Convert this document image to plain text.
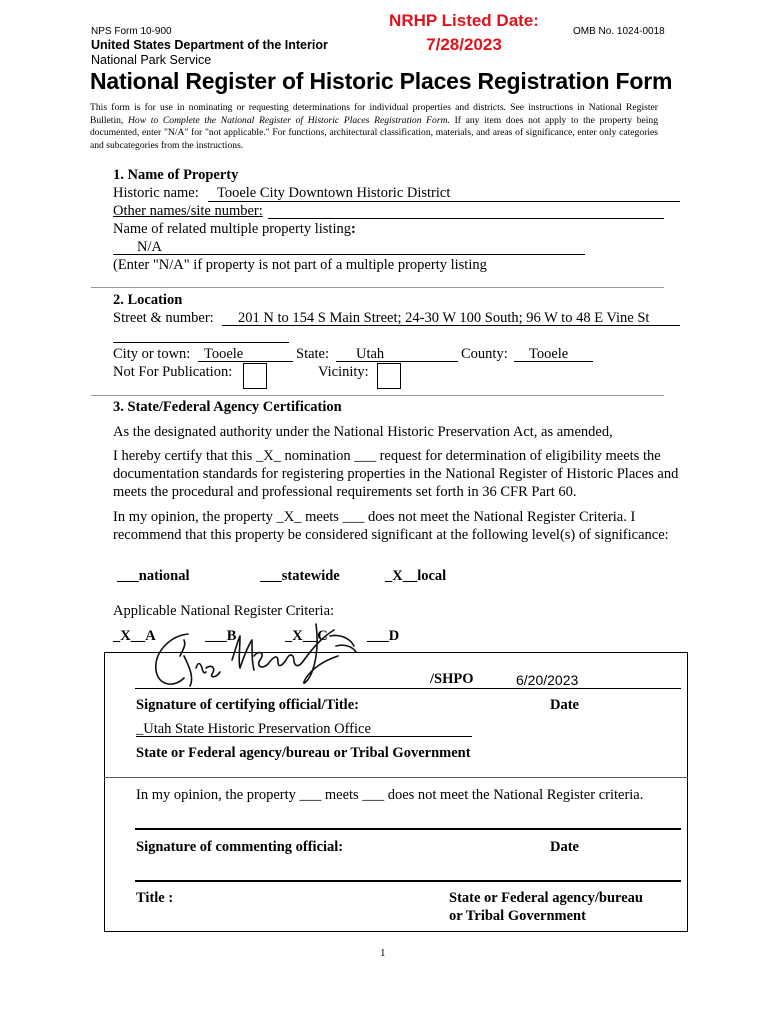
NPS Form 10-900	OMB No. 1024-0018
United States Department of the Interior
National Park Service
NRHP Listed Date:
7/28/2023
National Register of Historic Places Registration Form
This form is for use in nominating or requesting determinations for individual properties and districts. See instructions in National Register Bulletin, How to Complete the National Register of Historic Places Registration Form. If any item does not apply to the property being documented, enter "N/A" for "not applicable." For functions, architectural classification, materials, and areas of significance, enter only categories and subcategories from the instructions.
1. Name of Property
Historic name: Tooele City Downtown Historic District
Other names/site number:
Name of related multiple property listing:
N/A
(Enter "N/A" if property is not part of a multiple property listing
2. Location
Street & number: 201 N to 154 S Main Street; 24-30 W 100 South; 96 W to 48 E Vine St
City or town: Tooele	State: Utah	County: Tooele
Not For Publication:	Vicinity:
3. State/Federal Agency Certification
As the designated authority under the National Historic Preservation Act, as amended,
I hereby certify that this _X_ nomination ___ request for determination of eligibility meets the documentation standards for registering properties in the National Register of Historic Places and meets the procedural and professional requirements set forth in 36 CFR Part 60.
In my opinion, the property _X_ meets ___ does not meet the National Register Criteria. I recommend that this property be considered significant at the following level(s) of significance:
___national	___statewide	_X__local
Applicable National Register Criteria:
_X__A	___B	_X__C	___D
/SHPO	6/20/2023
Signature of certifying official/Title:	Date
_Utah State Historic Preservation Office
State or Federal agency/bureau or Tribal Government
In my opinion, the property ___ meets ___ does not meet the National Register criteria.
Signature of commenting official:	Date
Title :	State or Federal agency/bureau
or Tribal Government
1
